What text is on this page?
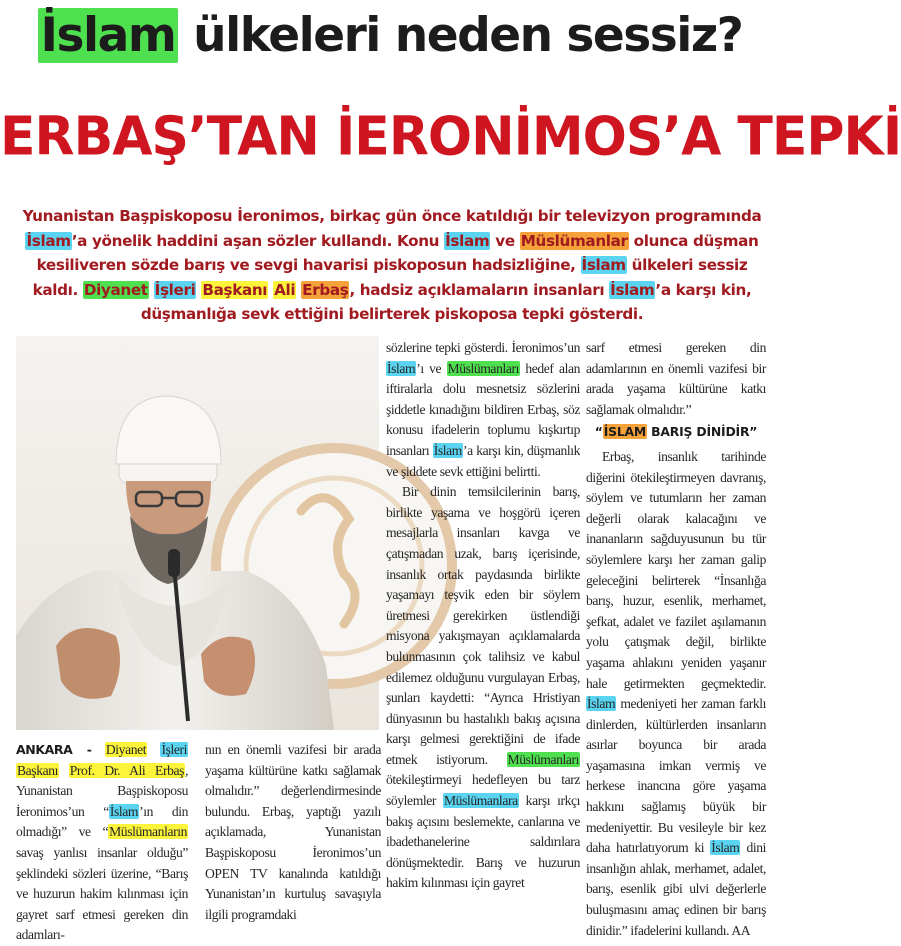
İslam ülkeleri neden sessiz?
ERBAŞ’TAN İERONİMOS’A TEPKİ
Yunanistan Başpiskoposu İeronimos, birkaç gün önce katıldığı bir televizyon programında İslam’a yönelik haddini aşan sözler kullandı. Konu İslam ve Müslümanlar olunca düşman kesiliveren sözde barış ve sevgi havarisi piskoposun hadsizliğine, İslam ülkeleri sessiz kaldı. Diyanet İşleri Başkanı Ali Erbaş, hadsiz açıklamaların insanları İslam’a karşı kin, düşmanlığa sevk ettiğini belirterek piskoposa tepki gösterdi.

ANKARA - Diyanet İşleri Başkanı Prof. Dr. Ali Erbaş, Yunanistan Başpiskoposu İeronimos’un “İslam’ın din olmadığı” ve “Müslümanların savaş yanlısı insanlar olduğu” şeklindeki sözleri üzerine, “Barış ve huzurun hakim kılınması için gayret sarf etmesi gereken din adamları-

nın en önemli vazifesi bir arada yaşama kültürüne katkı sağlamak olmalıdır.” değerlendirmesinde bulundu. Erbaş, yaptığı yazılı açıklamada, Yunanistan Başpiskoposu İeronimos’un OPEN TV kanalında katıldığı Yunanistan’ın kurtuluş savaşıyla ilgili programdaki

sözlerine tepki gösterdi. İeronimos’un İslam’ı ve Müslümanları hedef alan iftiralarla dolu mesnetsiz sözlerini şiddetle kınadığını bildiren Erbaş, söz konusu ifadelerin toplumu kışkırtıp insanları İslam’a karşı kin, düşmanlık ve şiddete sevk ettiğini belirtti.

Bir dinin temsilcilerinin barış, birlikte yaşama ve hoşgörü içeren mesajlarla insanları kavga ve çatışmadan uzak, barış içerisinde, insanlık ortak paydasında birlikte yaşamayı teşvik eden bir söylem üretmesi gerekirken üstlendiği misyona yakışmayan açıklamalarda bulunmasının çok talihsiz ve kabul edilemez olduğunu vurgulayan Erbaş, şunları kaydetti: “Ayrıca Hristiyan dünyasının bu hastalıklı bakış açısına karşı gelmesi gerektiğini de ifade etmek istiyorum. Müslümanları ötekileştirmeyi hedefleyen bu tarz söylemler Müslümanlara karşı ırkçı bakış açısını beslemekte, canlarına ve ibadethanelerine saldırılara dönüşmektedir. Barış ve huzurun hakim kılınması için gayret

sarf etmesi gereken din adamlarının en önemli vazifesi bir arada yaşama kültürüne katkı sağlamak olmalıdır.”

“İSLAM BARIŞ DİNİDİR”

Erbaş, insanlık tarihinde diğerini ötekileştirmeyen davranış, söylem ve tutumların her zaman değerli olarak kalacağını ve inananların sağduyusunun bu tür söylemlere karşı her zaman galip geleceğini belirterek “İnsanlığa barış, huzur, esenlik, merhamet, şefkat, adalet ve fazilet aşılamanın yolu çatışmak değil, birlikte yaşama ahlakını yeniden yaşanır hale getirmekten geçmektedir. İslam medeniyeti her zaman farklı dinlerden, kültürlerden insanların asırlar boyunca bir arada yaşamasına imkan vermiş ve herkese inancına göre yaşama hakkını sağlamış büyük bir medeniyettir. Bu vesileyle bir kez daha hatırlatıyorum ki İslam dini insanlığın ahlak, merhamet, adalet, barış, esenlik gibi ulvi değerlerle buluşmasını amaç edinen bir barış dinidir.” ifadelerini kullandı. AA
